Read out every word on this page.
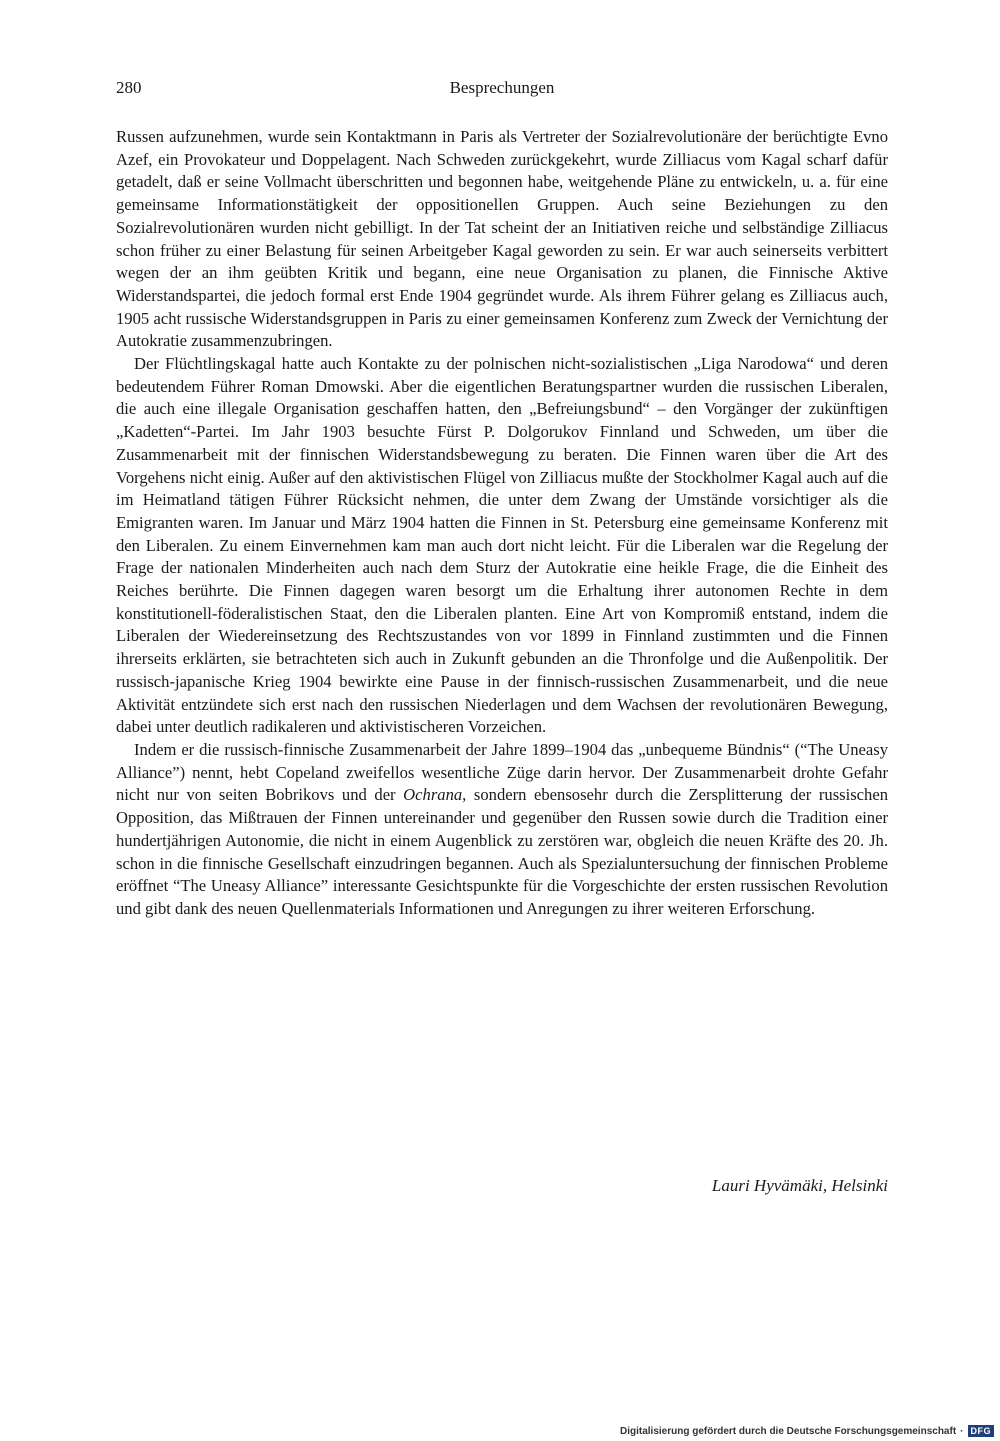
280	Besprechungen

Russen aufzunehmen, wurde sein Kontaktmann in Paris als Vertreter der Sozialrevolutionäre der berüchtigte Evno Azef, ein Provokateur und Doppelagent. Nach Schweden zurückgekehrt, wurde Zilliacus vom Kagal scharf dafür getadelt, daß er seine Vollmacht überschritten und begonnen habe, weitgehende Pläne zu entwickeln, u. a. für eine gemeinsame Informationstätigkeit der oppositionellen Gruppen. Auch seine Beziehungen zu den Sozialrevolutionären wurden nicht gebilligt. In der Tat scheint der an Initiativen reiche und selbständige Zilliacus schon früher zu einer Belastung für seinen Arbeitgeber Kagal geworden zu sein. Er war auch seinerseits verbittert wegen der an ihm geübten Kritik und begann, eine neue Organisation zu planen, die Finnische Aktive Widerstandspartei, die jedoch formal erst Ende 1904 gegründet wurde. Als ihrem Führer gelang es Zilliacus auch, 1905 acht russische Widerstandsgruppen in Paris zu einer gemeinsamen Konferenz zum Zweck der Vernichtung der Autokratie zusammenzubringen.

Der Flüchtlingskagal hatte auch Kontakte zu der polnischen nicht-sozialistischen „Liga Narodowa“ und deren bedeutendem Führer Roman Dmowski. Aber die eigentlichen Beratungspartner wurden die russischen Liberalen, die auch eine illegale Organisation geschaffen hatten, den „Befreiungsbund“ – den Vorgänger der zukünftigen „Kadetten“-Partei. Im Jahr 1903 besuchte Fürst P. Dolgorukov Finnland und Schweden, um über die Zusammenarbeit mit der finnischen Widerstandsbewegung zu beraten. Die Finnen waren über die Art des Vorgehens nicht einig. Außer auf den aktivistischen Flügel von Zilliacus mußte der Stockholmer Kagal auch auf die im Heimatland tätigen Führer Rücksicht nehmen, die unter dem Zwang der Umstände vorsichtiger als die Emigranten waren. Im Januar und März 1904 hatten die Finnen in St. Petersburg eine gemeinsame Konferenz mit den Liberalen. Zu einem Einvernehmen kam man auch dort nicht leicht. Für die Liberalen war die Regelung der Frage der nationalen Minderheiten auch nach dem Sturz der Autokratie eine heikle Frage, die die Einheit des Reiches berührte. Die Finnen dagegen waren besorgt um die Erhaltung ihrer autonomen Rechte in dem konstitutionell-föderalistischen Staat, den die Liberalen planten. Eine Art von Kompromiß entstand, indem die Liberalen der Wiedereinsetzung des Rechtszustandes von vor 1899 in Finnland zustimmten und die Finnen ihrerseits erklärten, sie betrachteten sich auch in Zukunft gebunden an die Thronfolge und die Außenpolitik. Der russisch-japanische Krieg 1904 bewirkte eine Pause in der finnisch-russischen Zusammenarbeit, und die neue Aktivität entzündete sich erst nach den russischen Niederlagen und dem Wachsen der revolutionären Bewegung, dabei unter deutlich radikaleren und aktivistischeren Vorzeichen.

Indem er die russisch-finnische Zusammenarbeit der Jahre 1899–1904 das „unbequeme Bündnis“ (“The Uneasy Alliance”) nennt, hebt Copeland zweifellos wesentliche Züge darin hervor. Der Zusammenarbeit drohte Gefahr nicht nur von seiten Bobrikovs und der Ochrana, sondern ebensosehr durch die Zersplitterung der russischen Opposition, das Mißtrauen der Finnen untereinander und gegenüber den Russen sowie durch die Tradition einer hundertjährigen Autonomie, die nicht in einem Augenblick zu zerstören war, obgleich die neuen Kräfte des 20. Jh. schon in die finnische Gesellschaft einzudringen begannen. Auch als Spezialuntersuchung der finnischen Probleme eröffnet “The Uneasy Alliance” interessante Gesichtspunkte für die Vorgeschichte der ersten russischen Revolution und gibt dank des neuen Quellenmaterials Informationen und Anregungen zu ihrer weiteren Erforschung.

Lauri Hyvämäki, Helsinki
Digitalisierung gefördert durch die Deutsche Forschungsgemeinschaft · DFG
